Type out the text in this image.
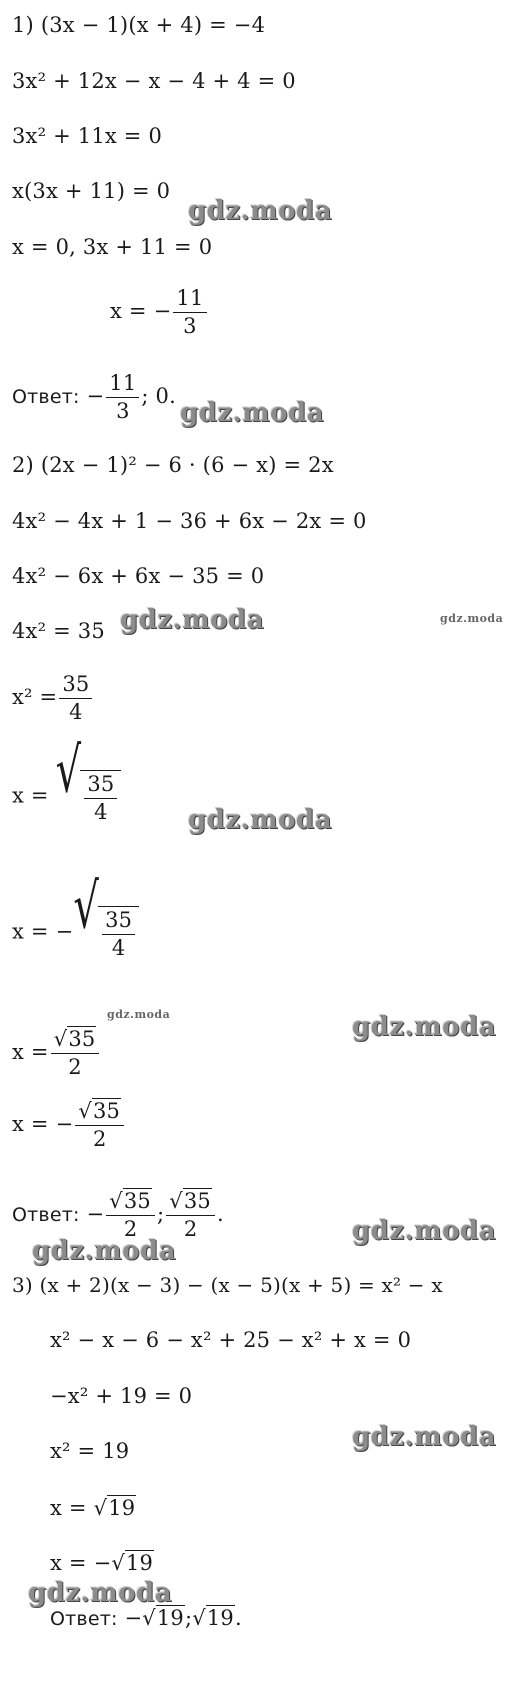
1) (3x − 1)(x + 4) = −4
3x² + 12x − x − 4 + 4 = 0
3x² + 11x = 0
x(3x + 11) = 0
x = 0, 3x + 11 = 0
x = − $\frac{11}{3}$
Ответ: − $\frac{11}{3}$ ; 0.
2) (2x − 1)² − 6 · (6 − x) = 2x
4x² − 4x + 1 − 36 + 6x − 2x = 0
4x² − 6x + 6x − 35 = 0
4x² = 35
$x^2 = \frac{35}{4}$
x = √ $\frac{35}{4}$
x = − √ $\frac{35}{4}$
$x = \frac{√35}{2}$
x = − $\frac{√35}{2}$
Ответ: − $\frac{√35}{2}$ ; $\frac{√35}{2}$ .
3) (x + 2)(x − 3) − (x − 5)(x + 5) = x² − x
x² − x − 6 − x² + 25 − x² + x = 0
−x² + 19 = 0
x² = 19
x = √19
x = −√19
Ответ: −√19;√19.
gdz.moda
gdz.moda
gdz.moda	gdz.moda
gdz.moda
gdz.moda	gdz.moda
gdz.moda
gdz.moda
gdz.moda
gdz.moda
